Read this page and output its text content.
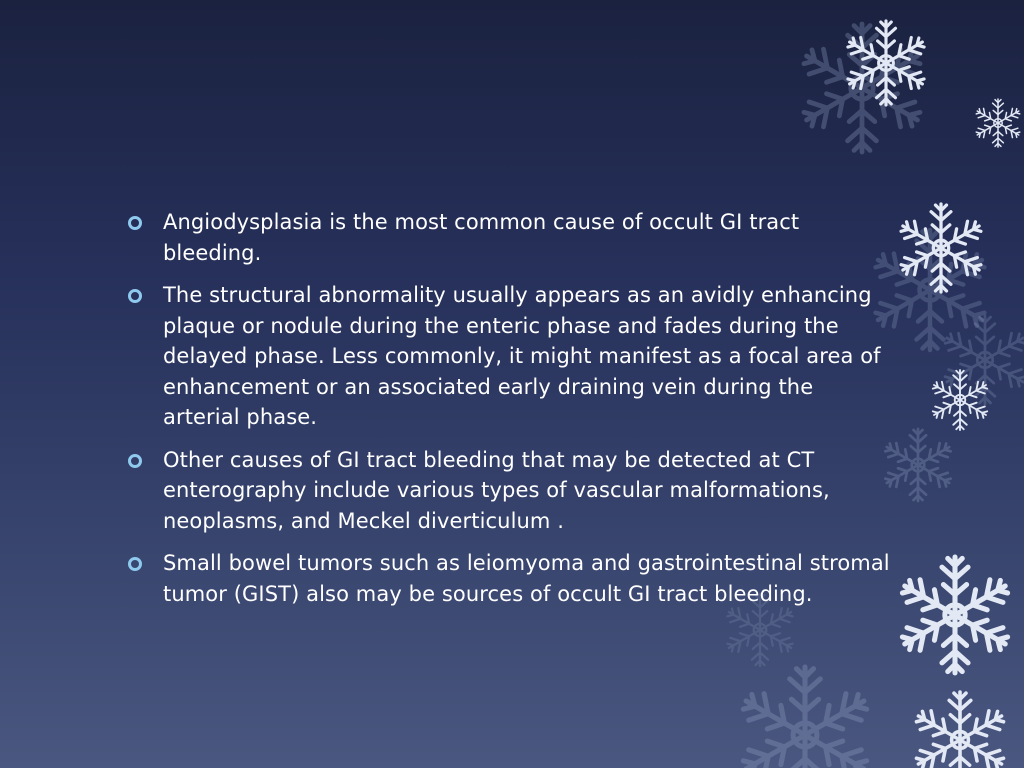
Angiodysplasia is the most common cause of occult GI tract bleeding.
The structural abnormality usually appears as an avidly enhancing plaque or nodule during the enteric phase and fades during the delayed phase. Less commonly, it might manifest as a focal area of enhancement or an associated early draining vein during the arterial phase.
Other causes of GI tract bleeding that may be detected at CT enterography include various types of vascular malformations, neoplasms, and Meckel diverticulum .
Small bowel tumors such as leiomyoma and gastrointestinal stromal tumor (GIST) also may be sources of occult GI tract bleeding.
